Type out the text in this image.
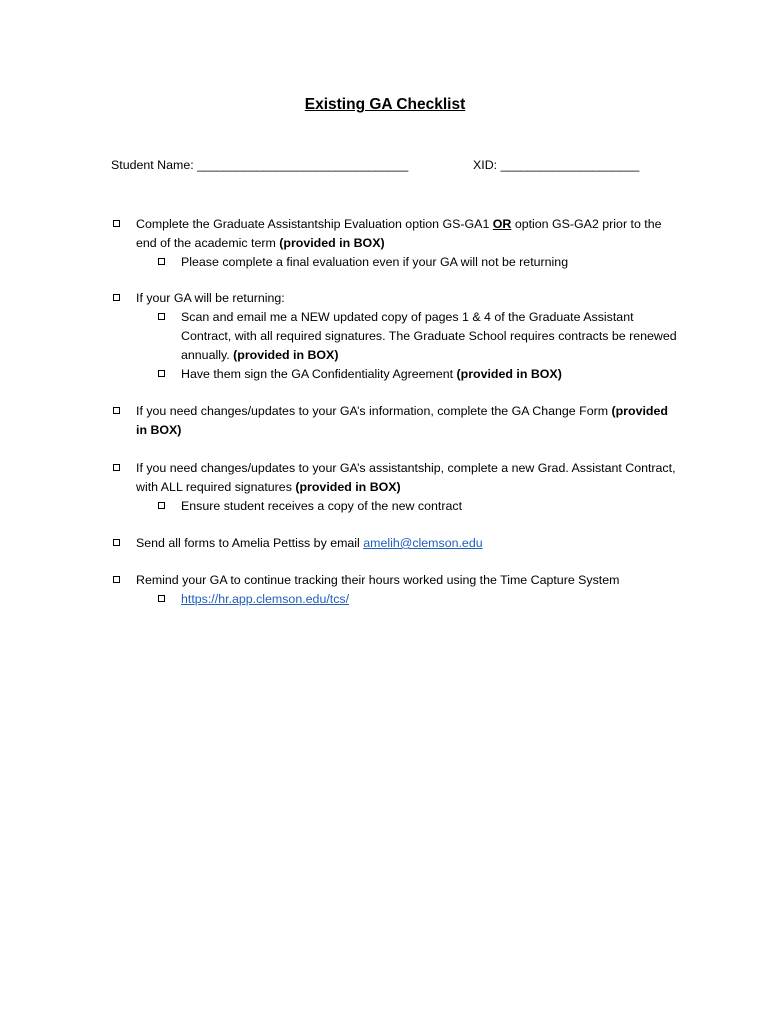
Existing GA Checklist
Student Name: ________________________________	XID: _____________________
Complete the Graduate Assistantship Evaluation option GS-GA1 OR option GS-GA2 prior to the end of the academic term (provided in BOX)
Please complete a final evaluation even if your GA will not be returning
If your GA will be returning:
Scan and email me a NEW updated copy of pages 1 & 4 of the Graduate Assistant Contract, with all required signatures. The Graduate School requires contracts be renewed annually. (provided in BOX)
Have them sign the GA Confidentiality Agreement (provided in BOX)
If you need changes/updates to your GA’s information, complete the GA Change Form (provided in BOX)
If you need changes/updates to your GA’s assistantship, complete a new Grad. Assistant Contract, with ALL required signatures (provided in BOX)
Ensure student receives a copy of the new contract
Send all forms to Amelia Pettiss by email amelih@clemson.edu
Remind your GA to continue tracking their hours worked using the Time Capture System
https://hr.app.clemson.edu/tcs/
